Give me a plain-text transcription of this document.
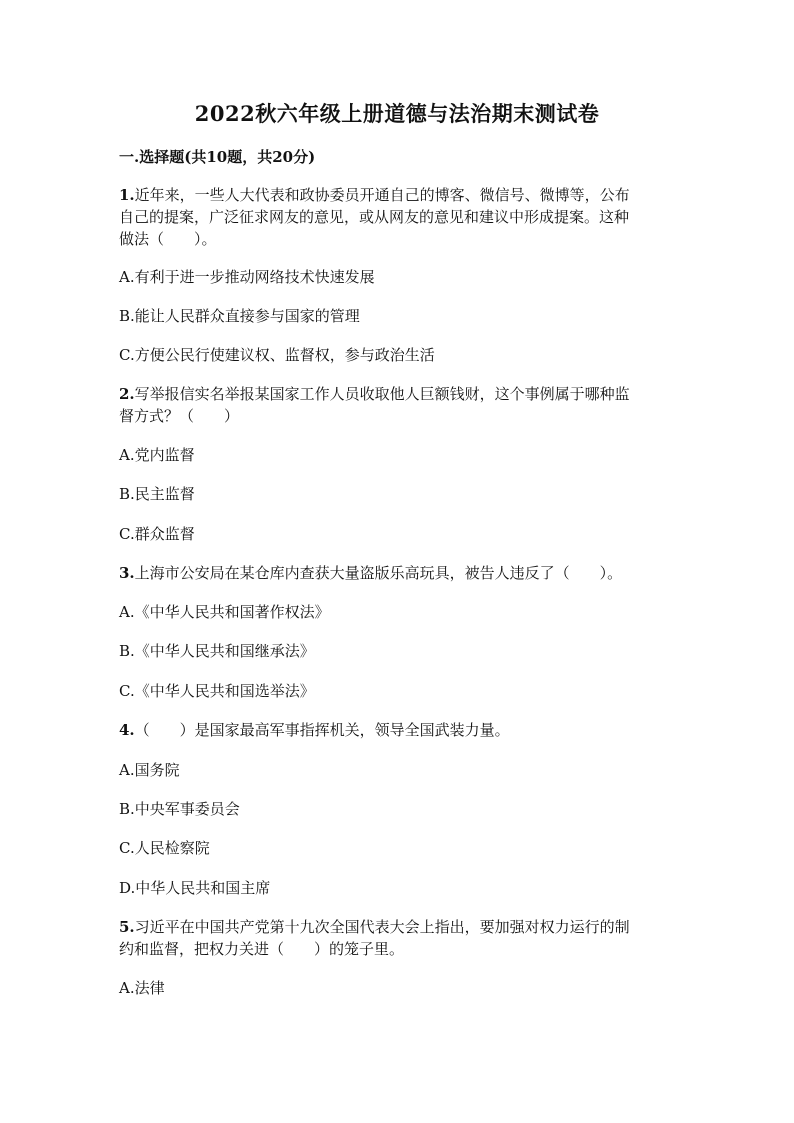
2022秋六年级上册道德与法治期末测试卷
一.选择题(共10题，共20分)
1.近年来，一些人大代表和政协委员开通自己的博客、微信号、微博等，公布
自己的提案，广泛征求网友的意见，或从网友的意见和建议中形成提案。这种
做法（　　）。
A.有利于进一步推动网络技术快速发展
B.能让人民群众直接参与国家的管理
C.方便公民行使建议权、监督权，参与政治生活
2.写举报信实名举报某国家工作人员收取他人巨额钱财，这个事例属于哪种监
督方式？（　　）
A.党内监督
B.民主监督
C.群众监督
3.上海市公安局在某仓库内查获大量盗版乐高玩具，被告人违反了（　　）。
A.《中华人民共和国著作权法》
B.《中华人民共和国继承法》
C.《中华人民共和国选举法》
4.（　　）是国家最高军事指挥机关，领导全国武装力量。
A.国务院
B.中央军事委员会
C.人民检察院
D.中华人民共和国主席
5.习近平在中国共产党第十九次全国代表大会上指出，要加强对权力运行的制
约和监督，把权力关进（　　）的笼子里。
A.法律
